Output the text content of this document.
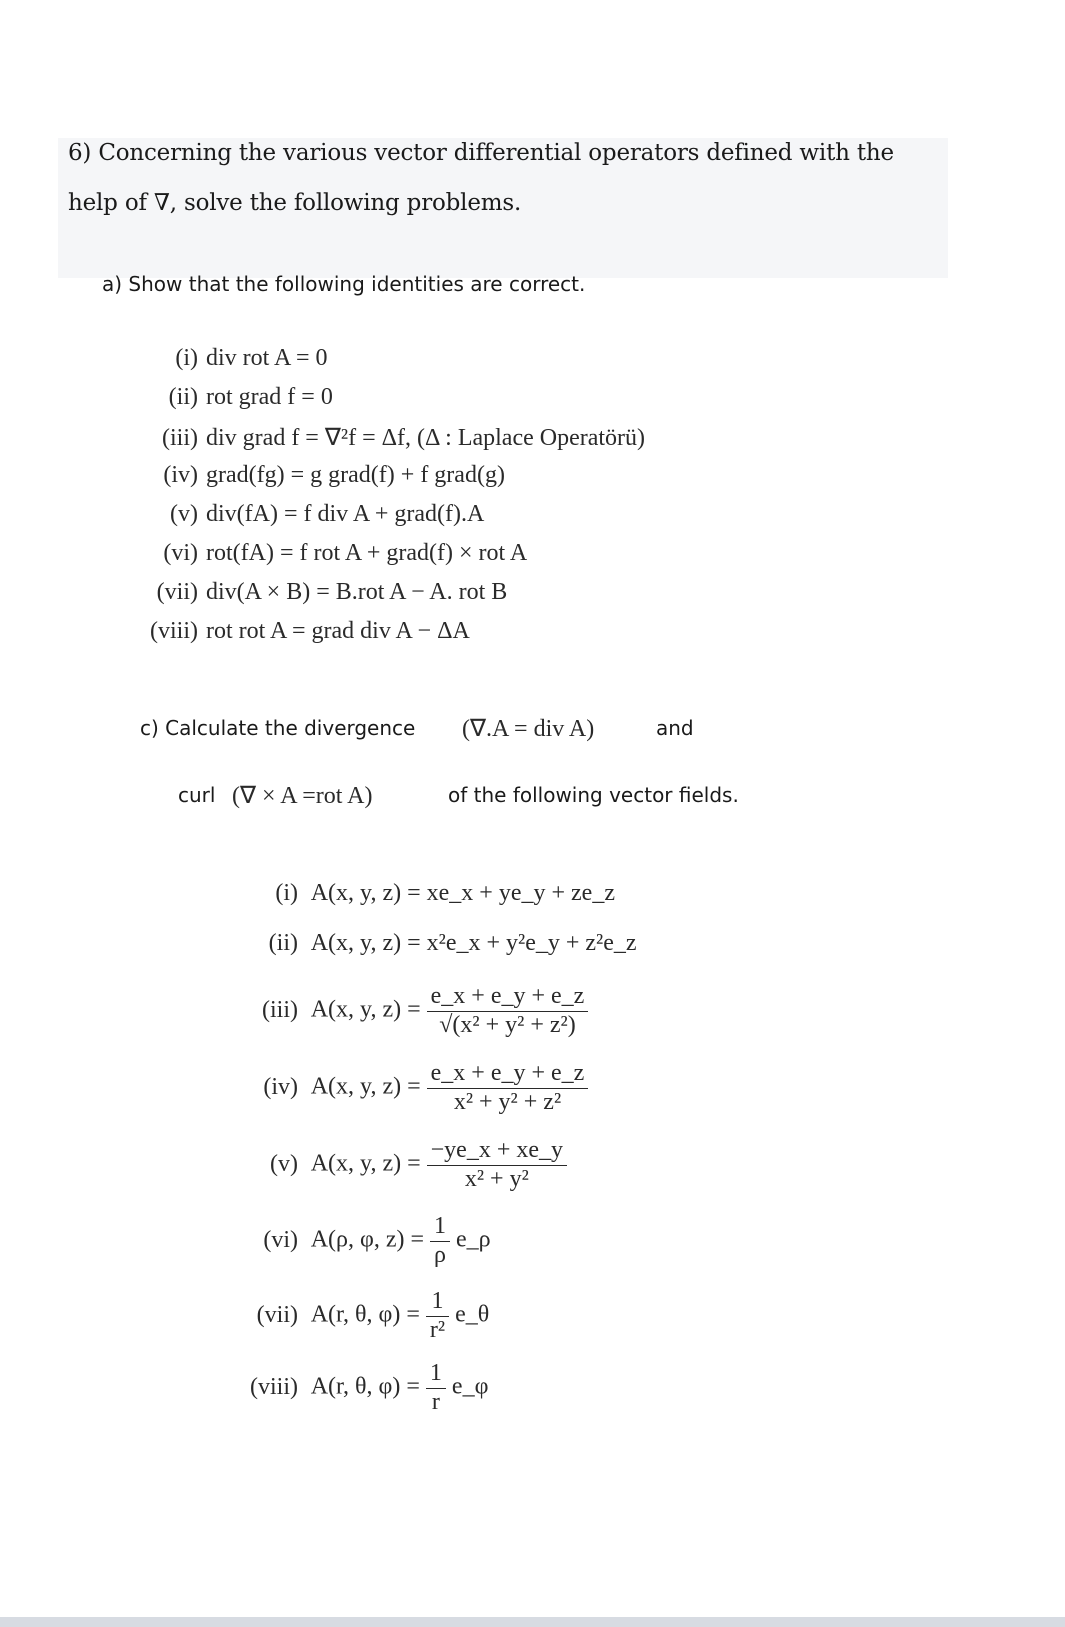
6) Concerning the various vector differential operators defined with the
help of ∇, solve the following problems.
a) Show that the following identities are correct.
(i) div rot A = 0
(ii) rot grad f = 0
(iii) div grad f = ∇²f = Δf, (Δ : Laplace Operatörü)
(iv) grad(fg) = g grad(f) + f grad(g)
(v) div(fA) = f div A + grad(f).A
(vi) rot(fA) = f rot A + grad(f) × rot A
(vii) div(A × B) = B.rot A − A. rot B
(viii) rot rot A = grad div A − ΔA
c) Calculate the divergence (∇.A = div A)	and
curl (∇ × A =rot A)	of the following vector fields.
(i) A(x, y, z) = xe_x + ye_y + ze_z
(ii) A(x, y, z) = x²e_x + y²e_y + z²e_z
(iii) A(x, y, $z) = \frac{e\_x + e\_y + e\_z}{\text{√(x² + y² + z²)}}$
(iv) A(x, y, $z) = \frac{e\_x + e\_y + e\_z}{\text{x² + y² + z²}}$
(v) A(x, y, $z) = \frac{-ye\_x + xe\_y}{\text{x² + y²}}$
(vi) A(ρ, φ, $z) = \frac{1}{\rho}$ e_ρ
(vii) A(r, θ, $\varphi) = \frac{1}{\text{r²}}$ e_θ
(viii) A(r, θ, $\varphi) = \frac{1}{r}$ e_φ
